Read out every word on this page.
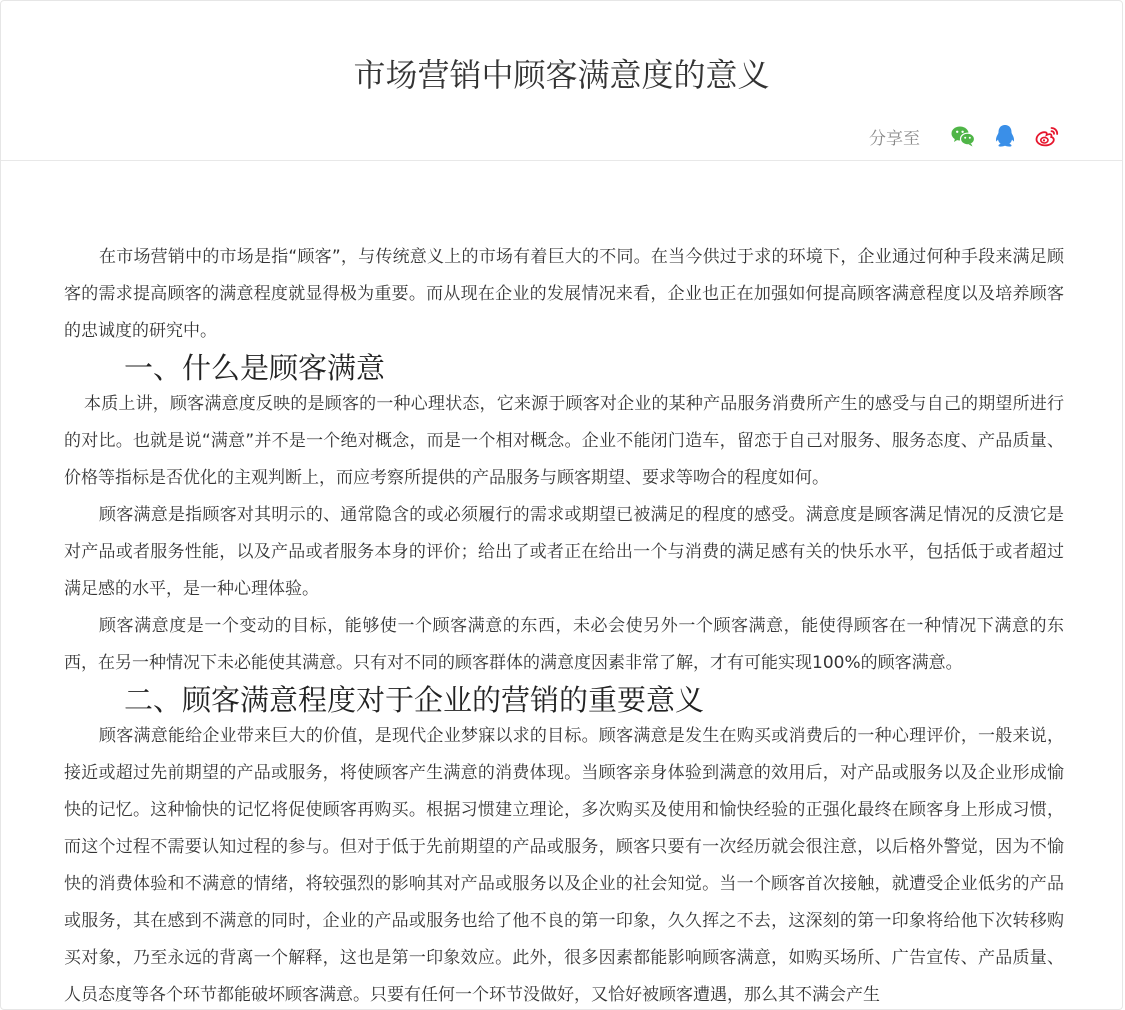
市场营销中顾客满意度的意义
分享至

在市场营销中的市场是指“顾客”，与传统意义上的市场有着巨大的不同。在当今供过于求的环境下，企业通过何种手段来满足顾客的需求提高顾客的满意程度就显得极为重要。而从现在企业的发展情况来看，企业也正在加强如何提高顾客满意程度以及培养顾客的忠诚度的研究中。

一、什么是顾客满意

本质上讲，顾客满意度反映的是顾客的一种心理状态，它来源于顾客对企业的某种产品服务消费所产生的感受与自己的期望所进行的对比。也就是说“满意”并不是一个绝对概念，而是一个相对概念。企业不能闭门造车，留恋于自己对服务、服务态度、产品质量、价格等指标是否优化的主观判断上，而应考察所提供的产品服务与顾客期望、要求等吻合的程度如何。

顾客满意是指顾客对其明示的、通常隐含的或必须履行的需求或期望已被满足的程度的感受。满意度是顾客满足情况的反溃它是对产品或者服务性能，以及产品或者服务本身的评价；给出了或者正在给出一个与消费的满足感有关的快乐水平，包括低于或者超过满足感的水平，是一种心理体验。

顾客满意度是一个变动的目标，能够使一个顾客满意的东西，未必会使另外一个顾客满意，能使得顾客在一种情况下满意的东西，在另一种情况下未必能使其满意。只有对不同的顾客群体的满意度因素非常了解，才有可能实现100%的顾客满意。

二、顾客满意程度对于企业的营销的重要意义

顾客满意能给企业带来巨大的价值，是现代企业梦寐以求的目标。顾客满意是发生在购买或消费后的一种心理评价，一般来说，接近或超过先前期望的产品或服务，将使顾客产生满意的消费体现。当顾客亲身体验到满意的效用后，对产品或服务以及企业形成愉快的记忆。这种愉快的记忆将促使顾客再购买。根据习惯建立理论，多次购买及使用和愉快经验的正强化最终在顾客身上形成习惯，而这个过程不需要认知过程的参与。但对于低于先前期望的产品或服务，顾客只要有一次经历就会很注意，以后格外警觉，因为不愉快的消费体验和不满意的情绪，将较强烈的影响其对产品或服务以及企业的社会知觉。当一个顾客首次接触，就遭受企业低劣的产品或服务，其在感到不满意的同时，企业的产品或服务也给了他不良的第一印象，久久挥之不去，这深刻的第一印象将给他下次转移购买对象，乃至永远的背离一个解释，这也是第一印象效应。此外，很多因素都能影响顾客满意，如购买场所、广告宣传、产品质量、人员态度等各个环节都能破坏顾客满意。只要有任何一个环节没做好，又恰好被顾客遭遇，那么其不满会产生
